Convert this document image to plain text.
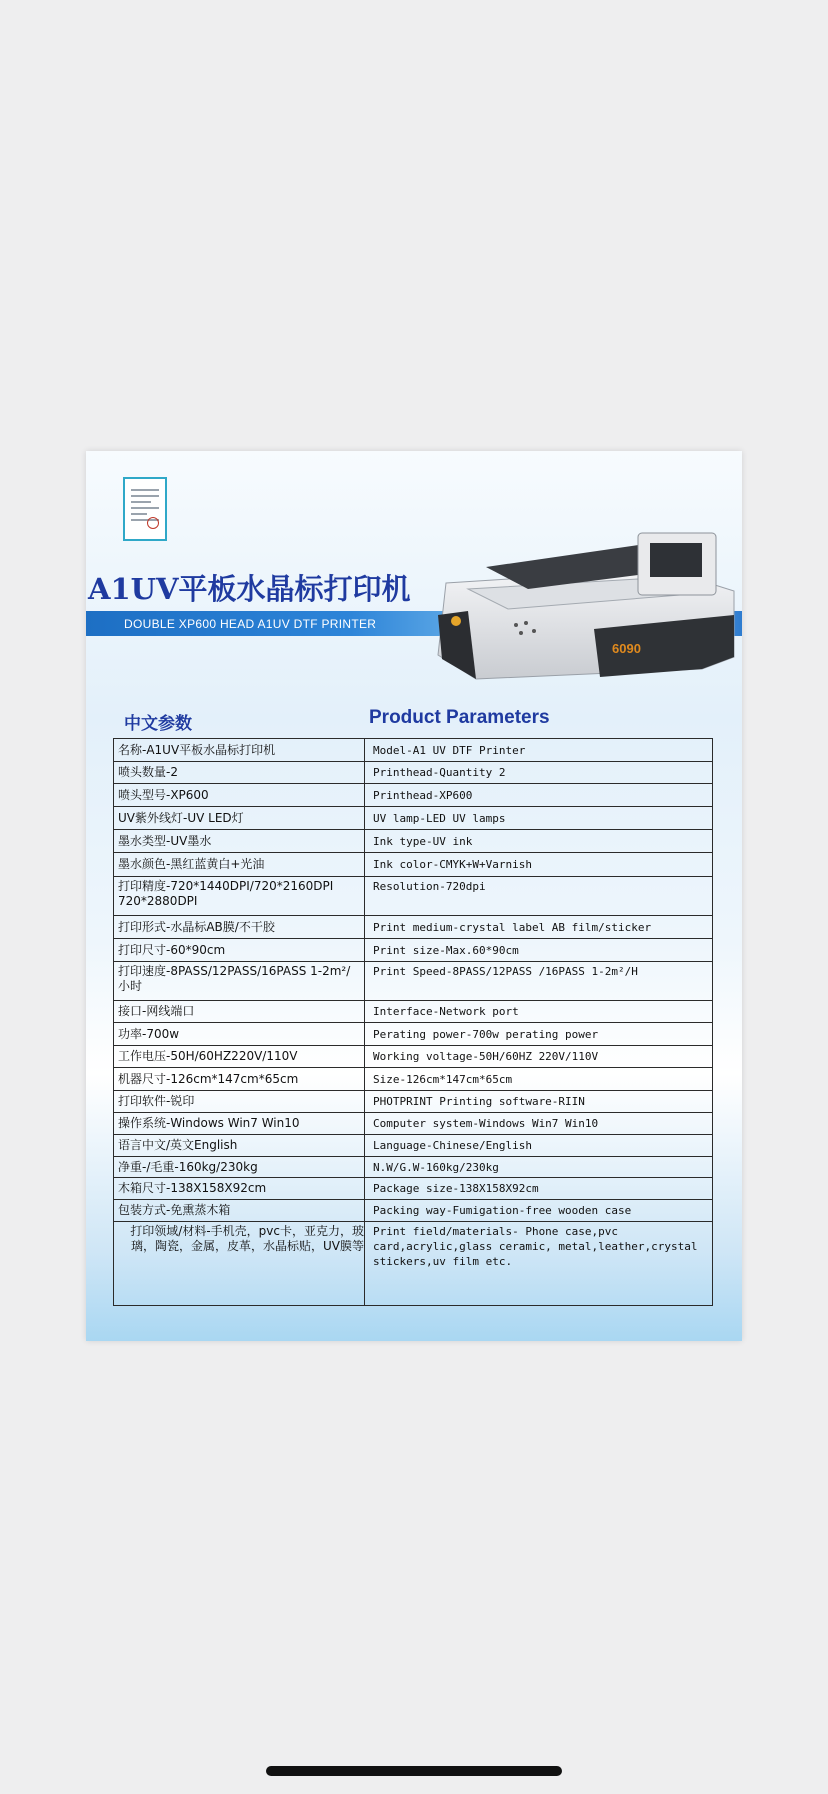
A1UV平板水晶标打印机
DOUBLE XP600 HEAD A1UV DTF PRINTER
6090
中文参数	Product Parameters
名称-A1UV平板水晶标打印机	Model-A1 UV DTF Printer
喷头数量-2	Printhead-Quantity 2
喷头型号-XP600	Printhead-XP600
UV紫外线灯-UV LED灯	UV lamp-LED UV lamps
墨水类型-UV墨水	Ink type-UV ink
墨水颜色-黑红蓝黄白+光油	Ink color-CMYK+W+Varnish
打印精度-720*1440DPI/720*2160DPI 720*2880DPI	Resolution-720dpi
打印形式-水晶标AB膜/不干胶	Print medium-crystal label AB film/sticker
打印尺寸-60*90cm	Print size-Max.60*90cm
打印速度-8PASS/12PASS/16PASS 1-2m²/小时	Print Speed-8PASS/12PASS /16PASS 1-2m²/H
接口-网线端口	Interface-Network port
功率-700w	Perating power-700w perating power
工作电压-50H/60HZ220V/110V	Working voltage-50H/60HZ 220V/110V
机器尺寸-126cm*147cm*65cm	Size-126cm*147cm*65cm
打印软件-锐印	PHOTPRINT Printing software-RIIN
操作系统-Windows Win7 Win10	Computer system-Windows Win7 Win10
语言中文/英文English	Language-Chinese/English
净重-/毛重-160kg/230kg	N.W/G.W-160kg/230kg
木箱尺寸-138X158X92cm	Package size-138X158X92cm
包装方式-免熏蒸木箱	Packing way-Fumigation-free wooden case
打印领域/材料-手机壳，pvc卡，亚克力，玻璃，陶瓷，金属，皮革，水晶标贴，UV膜等	Print field/materials- Phone case,pvc card,acrylic,glass ceramic, metal,leather,crystal stickers,uv film etc.
